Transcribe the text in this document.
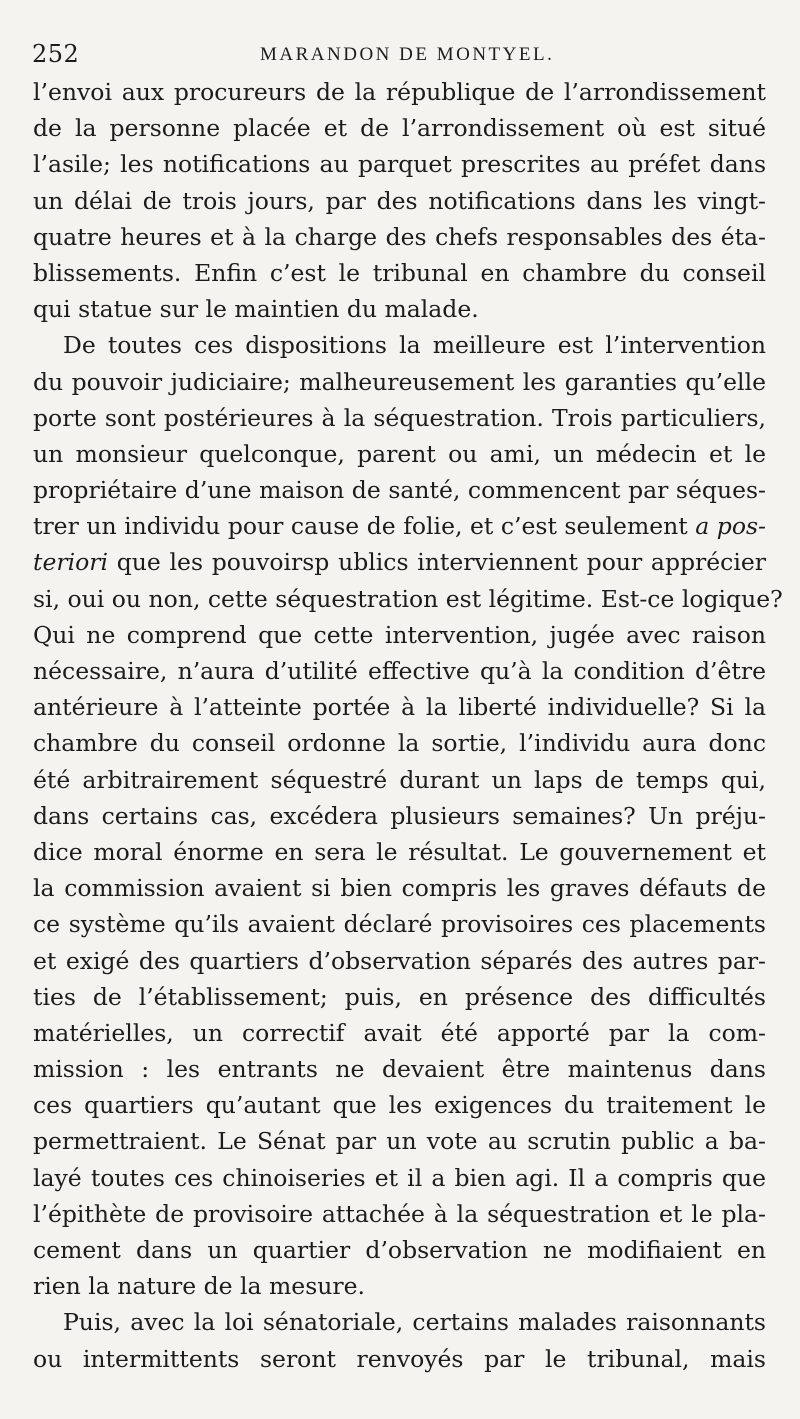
252	MARANDON DE MONTYEL.
l’envoi aux procureurs de la république de l’arrondissement
de la personne placée et de l’arrondissement où est situé
l’asile; les notifications au parquet prescrites au préfet dans
un délai de trois jours, par des notifications dans les vingt-
quatre heures et à la charge des chefs responsables des éta-
blissements. Enfin c’est le tribunal en chambre du conseil
qui statue sur le maintien du malade.
De toutes ces dispositions la meilleure est l’intervention
du pouvoir judiciaire; malheureusement les garanties qu’elle
porte sont postérieures à la séquestration. Trois particuliers,
un monsieur quelconque, parent ou ami, un médecin et le
propriétaire d’une maison de santé, commencent par séques-
trer un individu pour cause de folie, et c’est seulement a pos-
teriori que les pouvoirsp ublics interviennent pour apprécier
si, oui ou non, cette séquestration est légitime. Est-ce logique?
Qui ne comprend que cette intervention, jugée avec raison
nécessaire, n’aura d’utilité effective qu’à la condition d’être
antérieure à l’atteinte portée à la liberté individuelle? Si la
chambre du conseil ordonne la sortie, l’individu aura donc
été arbitrairement séquestré durant un laps de temps qui,
dans certains cas, excédera plusieurs semaines? Un préju-
dice moral énorme en sera le résultat. Le gouvernement et
la commission avaient si bien compris les graves défauts de
ce système qu’ils avaient déclaré provisoires ces placements
et exigé des quartiers d’observation séparés des autres par-
ties de l’établissement; puis, en présence des difficultés
matérielles, un correctif avait été apporté par la com-
mission : les entrants ne devaient être maintenus dans
ces quartiers qu’autant que les exigences du traitement le
permettraient. Le Sénat par un vote au scrutin public a ba-
layé toutes ces chinoiseries et il a bien agi. Il a compris que
l’épithète de provisoire attachée à la séquestration et le pla-
cement dans un quartier d’observation ne modifiaient en
rien la nature de la mesure.
Puis, avec la loi sénatoriale, certains malades raisonnants
ou intermittents seront renvoyés par le tribunal, mais
